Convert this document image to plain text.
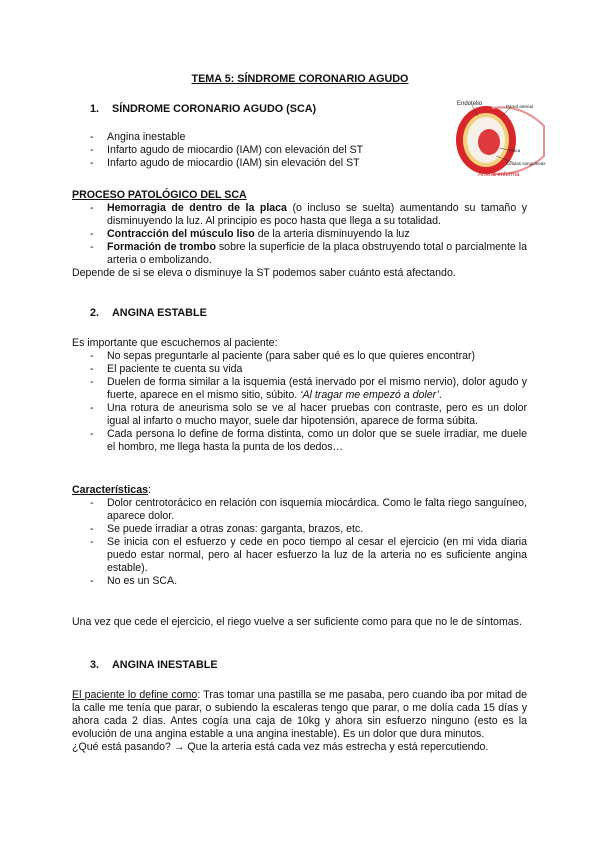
TEMA 5: SÍNDROME CORONARIO AGUDO
1. SÍNDROME CORONARIO AGUDO (SCA)	Endotelio	Pared arterial
Placa
Células sanguíneas
Arteria enferma
- Angina inestable
- Infarto agudo de miocardio (IAM) con elevación del ST
- Infarto agudo de miocardio (IAM) sin elevación del ST
PROCESO PATOLÓGICO DEL SCA
- Hemorragia de dentro de la placa (o incluso se suelta) aumentando su tamaño y disminuyendo la luz. Al principio es poco hasta que llega a su totalidad.
- Contracción del músculo liso de la arteria disminuyendo la luz
- Formación de trombo sobre la superficie de la placa obstruyendo total o parcialmente la arteria o embolizando.
Depende de si se eleva o disminuye la ST podemos saber cuánto está afectando.
2. ANGINA ESTABLE
Es importante que escuchemos al paciente:
- No sepas preguntarle al paciente (para saber qué es lo que quieres encontrar)
- El paciente te cuenta su vida
- Duelen de forma similar a la isquemia (está inervado por el mismo nervio), dolor agudo y fuerte, aparece en el mismo sitio, súbito. ‘Al tragar me empezó a doler’.
- Una rotura de aneurisma solo se ve al hacer pruebas con contraste, pero es un dolor igual al infarto o mucho mayor, suele dar hipotensión, aparece de forma súbita.
- Cada persona lo define de forma distinta, como un dolor que se suele irradiar, me duele el hombro, me llega hasta la punta de los dedos…
Características:
- Dolor centrotorácico en relación con isquemia miocárdica. Como le falta riego sanguíneo, aparece dolor.
- Se puede irradiar a otras zonas: garganta, brazos, etc.
- Se inicia con el esfuerzo y cede en poco tiempo al cesar el ejercicio (en mi vida diaria puedo estar normal, pero al hacer esfuerzo la luz de la arteria no es suficiente angina estable).
- No es un SCA.
Una vez que cede el ejercicio, el riego vuelve a ser suficiente como para que no le de síntomas.
3. ANGINA INESTABLE
El paciente lo define como: Tras tomar una pastilla se me pasaba, pero cuando iba por mitad de la calle me tenía que parar, o subiendo la escaleras tengo que parar, o me dolía cada 15 días y ahora cada 2 días. Antes cogía una caja de 10kg y ahora sin esfuerzo ninguno (esto es la evolución de una angina estable a una angina inestable). Es un dolor que dura minutos.
¿Qué está pasando? → Que la arteria está cada vez más estrecha y está repercutiendo.
